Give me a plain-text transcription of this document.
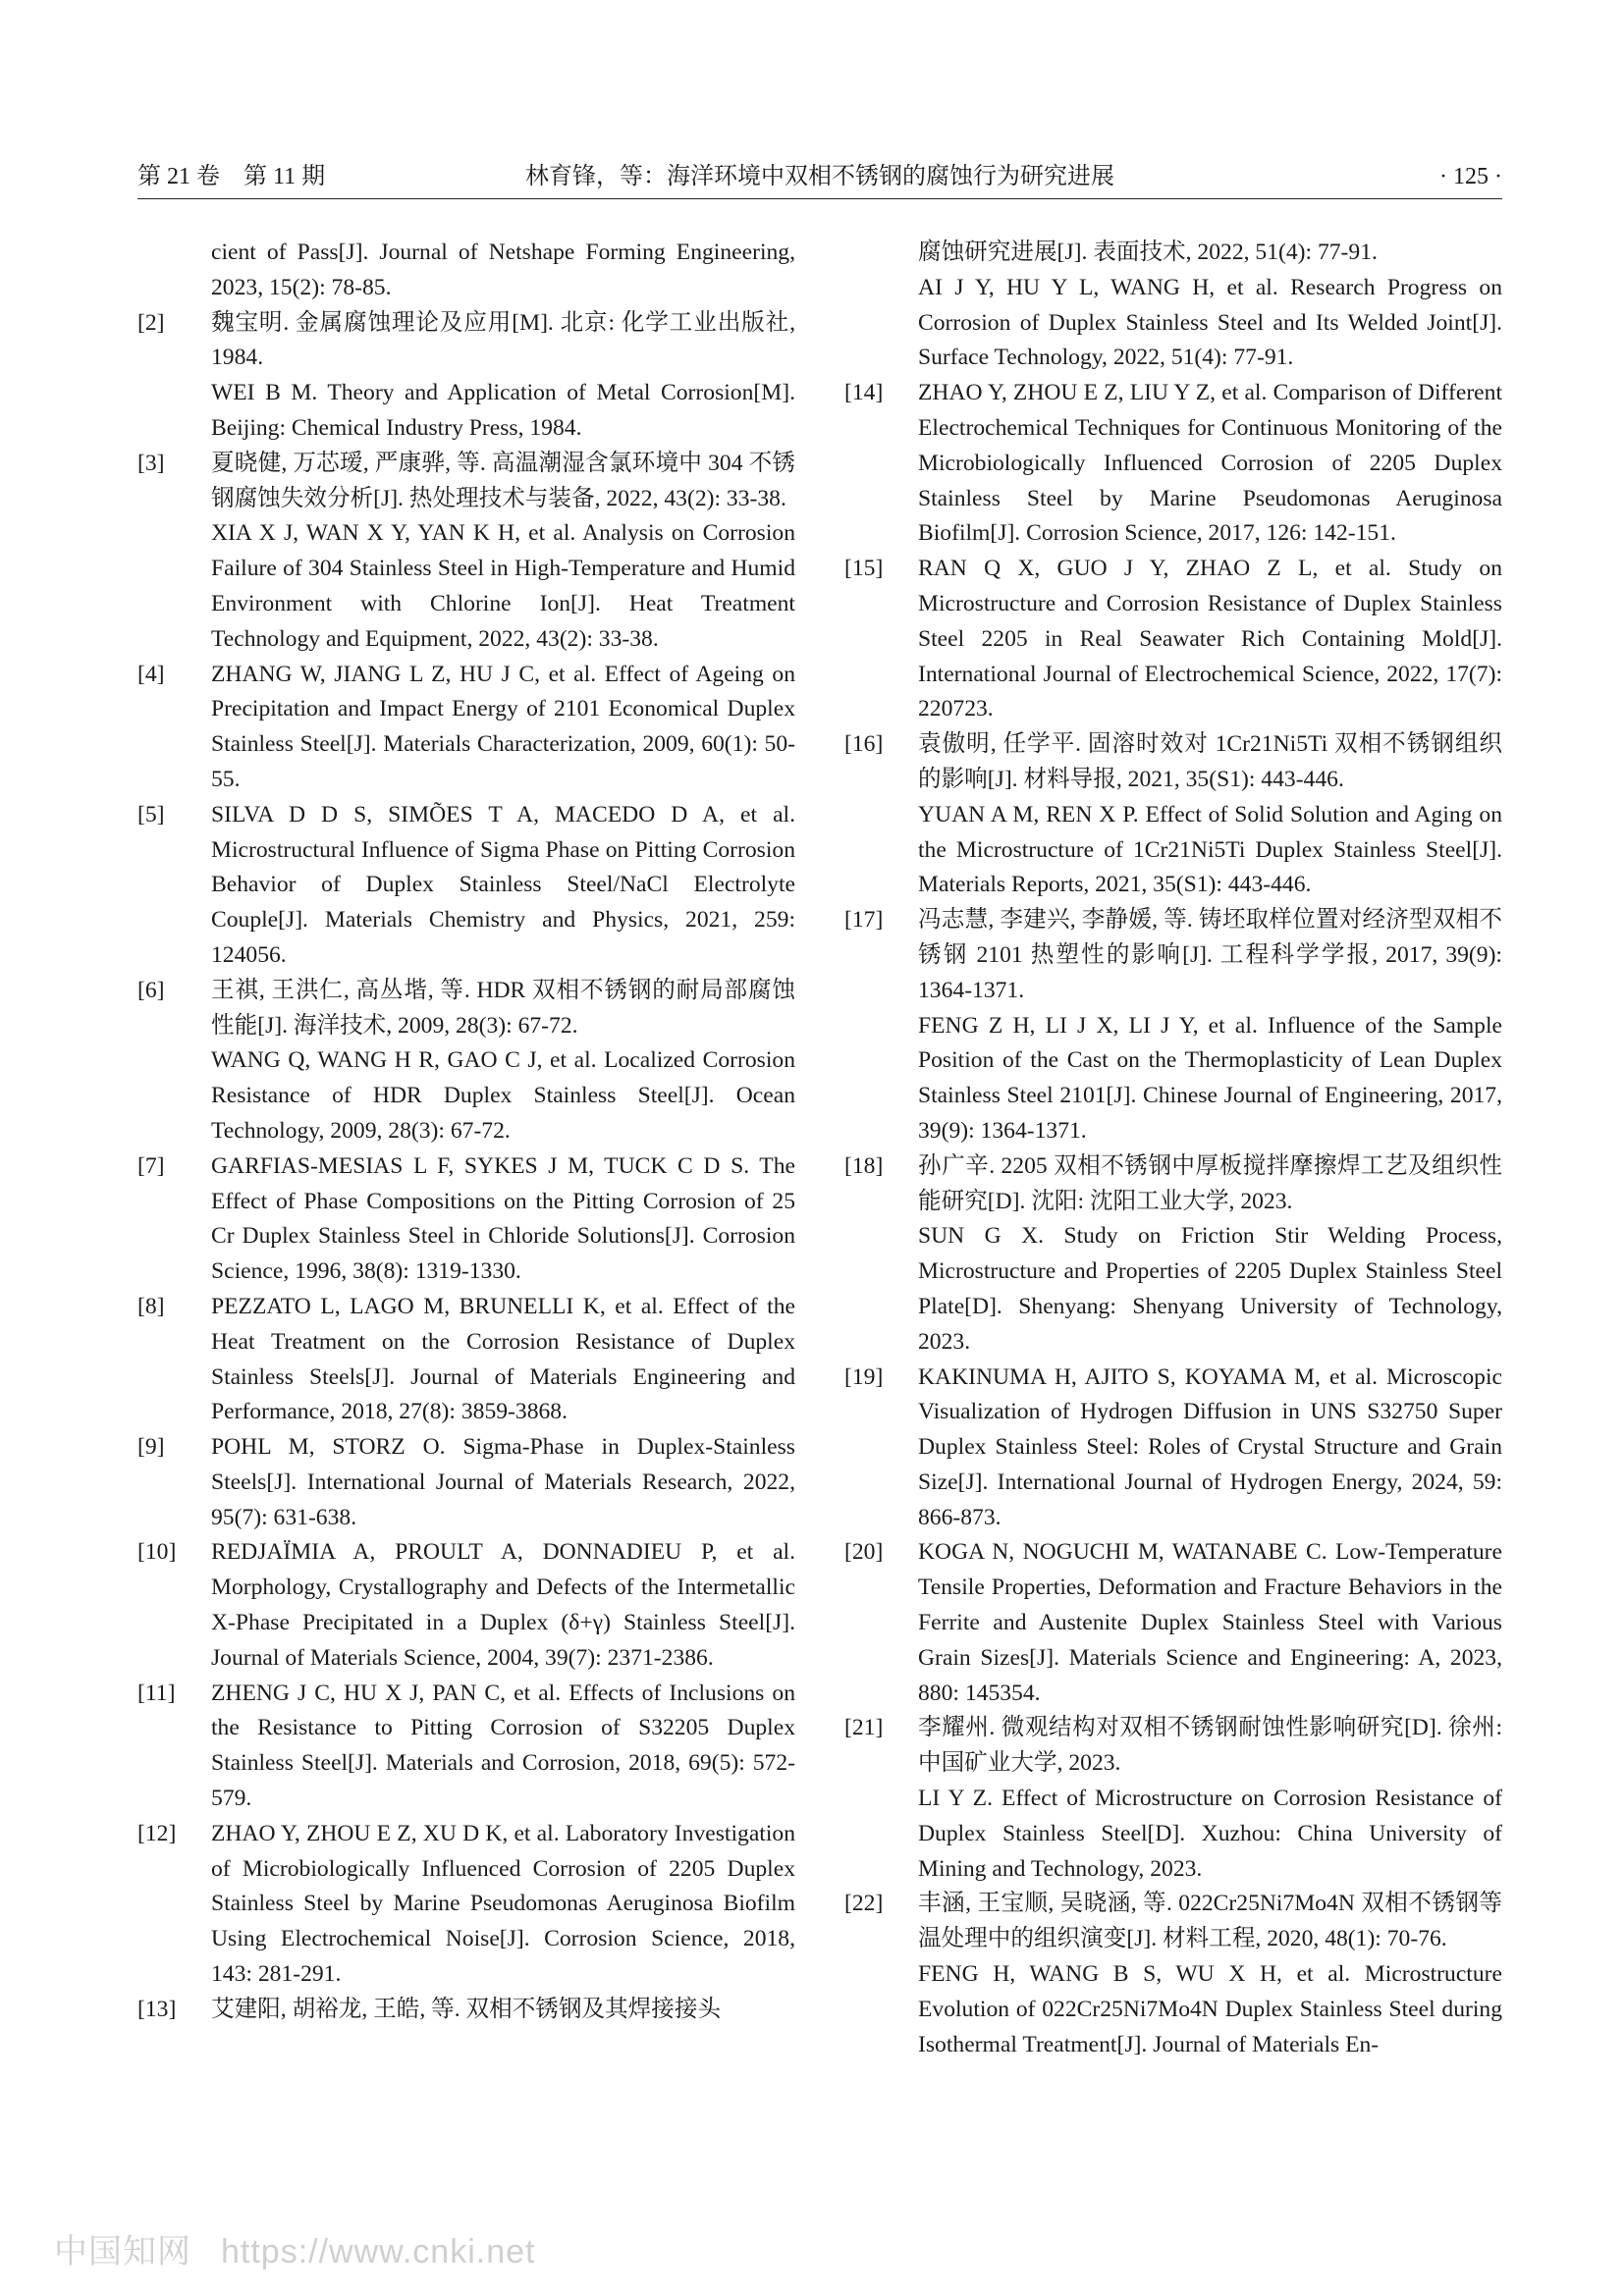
第 21 卷　第 11 期	林育锋，等：海洋环境中双相不锈钢的腐蚀行为研究进展	· 125 ·

cient of Pass[J]. Journal of Netshape Forming Engineering, 2023, 15(2): 78-85.

[2]	魏宝明. 金属腐蚀理论及应用[M]. 北京: 化学工业出版社, 1984.

WEI B M. Theory and Application of Metal Corrosion[M]. Beijing: Chemical Industry Press, 1984.

[3]	夏晓健, 万芯瑷, 严康骅, 等. 高温潮湿含氯环境中 304 不锈钢腐蚀失效分析[J]. 热处理技术与装备, 2022, 43(2): 33-38.

XIA X J, WAN X Y, YAN K H, et al. Analysis on Corrosion Failure of 304 Stainless Steel in High-Temperature and Humid Environment with Chlorine Ion[J]. Heat Treatment Technology and Equipment, 2022, 43(2): 33-38.

[4]	ZHANG W, JIANG L Z, HU J C, et al. Effect of Ageing on Precipitation and Impact Energy of 2101 Economical Duplex Stainless Steel[J]. Materials Characterization, 2009, 60(1): 50-55.

[5]	SILVA D D S, SIMÕES T A, MACEDO D A, et al. Microstructural Influence of Sigma Phase on Pitting Corrosion Behavior of Duplex Stainless Steel/NaCl Electrolyte Couple[J]. Materials Chemistry and Physics, 2021, 259: 124056.

[6]	王祺, 王洪仁, 高丛堦, 等. HDR 双相不锈钢的耐局部腐蚀性能[J]. 海洋技术, 2009, 28(3): 67-72.

WANG Q, WANG H R, GAO C J, et al. Localized Corrosion Resistance of HDR Duplex Stainless Steel[J]. Ocean Technology, 2009, 28(3): 67-72.

[7]	GARFIAS-MESIAS L F, SYKES J M, TUCK C D S. The Effect of Phase Compositions on the Pitting Corrosion of 25 Cr Duplex Stainless Steel in Chloride Solutions[J]. Corrosion Science, 1996, 38(8): 1319-1330.

[8]	PEZZATO L, LAGO M, BRUNELLI K, et al. Effect of the Heat Treatment on the Corrosion Resistance of Duplex Stainless Steels[J]. Journal of Materials Engineering and Performance, 2018, 27(8): 3859-3868.

[9]	POHL M, STORZ O. Sigma-Phase in Duplex-Stainless Steels[J]. International Journal of Materials Research, 2022, 95(7): 631-638.

[10]	REDJAÏMIA A, PROULT A, DONNADIEU P, et al. Morphology, Crystallography and Defects of the Intermetallic X-Phase Precipitated in a Duplex (δ+γ) Stainless Steel[J]. Journal of Materials Science, 2004, 39(7): 2371-2386.

[11]	ZHENG J C, HU X J, PAN C, et al. Effects of Inclusions on the Resistance to Pitting Corrosion of S32205 Duplex Stainless Steel[J]. Materials and Corrosion, 2018, 69(5): 572-579.

[12]	ZHAO Y, ZHOU E Z, XU D K, et al. Laboratory Investigation of Microbiologically Influenced Corrosion of 2205 Duplex Stainless Steel by Marine Pseudomonas Aeruginosa Biofilm Using Electrochemical Noise[J]. Corrosion Science, 2018, 143: 281-291.

[13]	艾建阳, 胡裕龙, 王皓, 等. 双相不锈钢及其焊接接头

腐蚀研究进展[J]. 表面技术, 2022, 51(4): 77-91.

AI J Y, HU Y L, WANG H, et al. Research Progress on Corrosion of Duplex Stainless Steel and Its Welded Joint[J]. Surface Technology, 2022, 51(4): 77-91.

[14]	ZHAO Y, ZHOU E Z, LIU Y Z, et al. Comparison of Different Electrochemical Techniques for Continuous Monitoring of the Microbiologically Influenced Corrosion of 2205 Duplex Stainless Steel by Marine Pseudomonas Aeruginosa Biofilm[J]. Corrosion Science, 2017, 126: 142-151.

[15]	RAN Q X, GUO J Y, ZHAO Z L, et al. Study on Microstructure and Corrosion Resistance of Duplex Stainless Steel 2205 in Real Seawater Rich Containing Mold[J]. International Journal of Electrochemical Science, 2022, 17(7): 220723.

[16]	袁傲明, 任学平. 固溶时效对 1Cr21Ni5Ti 双相不锈钢组织的影响[J]. 材料导报, 2021, 35(S1): 443-446.

YUAN A M, REN X P. Effect of Solid Solution and Aging on the Microstructure of 1Cr21Ni5Ti Duplex Stainless Steel[J]. Materials Reports, 2021, 35(S1): 443-446.

[17]	冯志慧, 李建兴, 李静媛, 等. 铸坯取样位置对经济型双相不锈钢 2101 热塑性的影响[J]. 工程科学学报, 2017, 39(9): 1364-1371.

FENG Z H, LI J X, LI J Y, et al. Influence of the Sample Position of the Cast on the Thermoplasticity of Lean Duplex Stainless Steel 2101[J]. Chinese Journal of Engineering, 2017, 39(9): 1364-1371.

[18]	孙广辛. 2205 双相不锈钢中厚板搅拌摩擦焊工艺及组织性能研究[D]. 沈阳: 沈阳工业大学, 2023.

SUN G X. Study on Friction Stir Welding Process, Microstructure and Properties of 2205 Duplex Stainless Steel Plate[D]. Shenyang: Shenyang University of Technology, 2023.

[19]	KAKINUMA H, AJITO S, KOYAMA M, et al. Microscopic Visualization of Hydrogen Diffusion in UNS S32750 Super Duplex Stainless Steel: Roles of Crystal Structure and Grain Size[J]. International Journal of Hydrogen Energy, 2024, 59: 866-873.

[20]	KOGA N, NOGUCHI M, WATANABE C. Low-Temperature Tensile Properties, Deformation and Fracture Behaviors in the Ferrite and Austenite Duplex Stainless Steel with Various Grain Sizes[J]. Materials Science and Engineering: A, 2023, 880: 145354.

[21]	李耀州. 微观结构对双相不锈钢耐蚀性影响研究[D]. 徐州: 中国矿业大学, 2023.

LI Y Z. Effect of Microstructure on Corrosion Resistance of Duplex Stainless Steel[D]. Xuzhou: China University of Mining and Technology, 2023.

[22]	丰涵, 王宝顺, 吴晓涵, 等. 022Cr25Ni7Mo4N 双相不锈钢等温处理中的组织演变[J]. 材料工程, 2020, 48(1): 70-76.

FENG H, WANG B S, WU X H, et al. Microstructure Evolution of 022Cr25Ni7Mo4N Duplex Stainless Steel during Isothermal Treatment[J]. Journal of Materials En-

中国知网 https://www.cnki.net
